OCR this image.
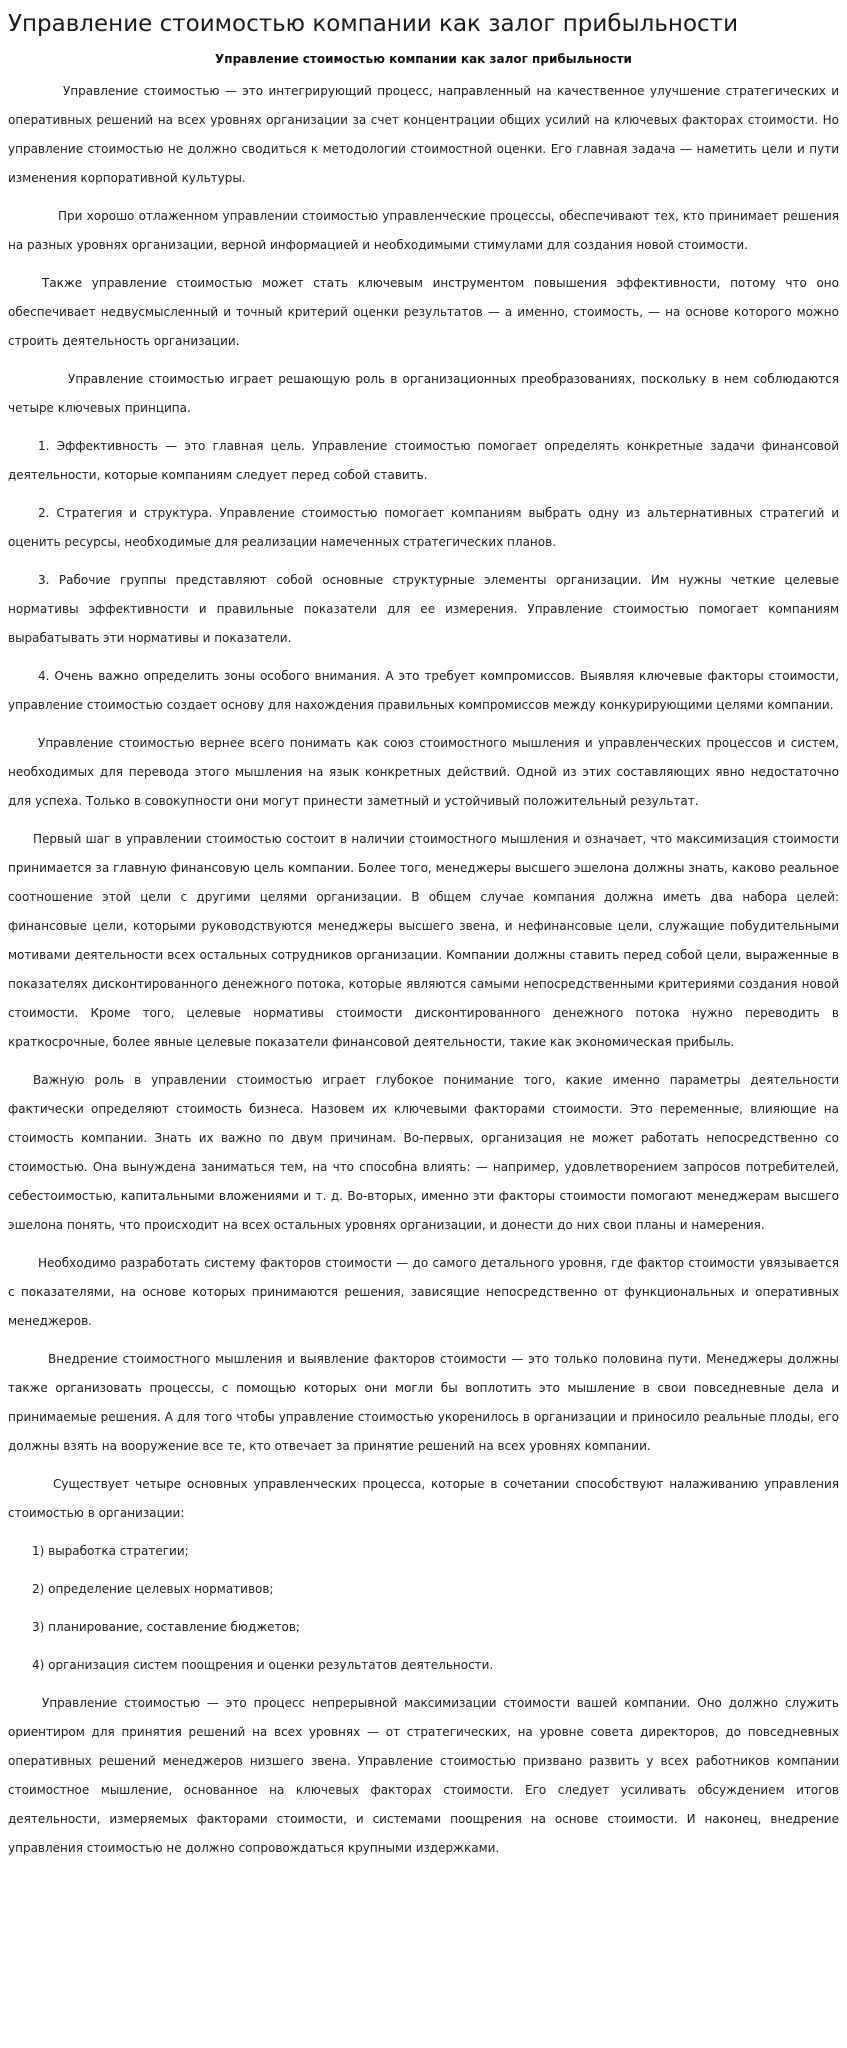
Управление стоимостью компании как залог прибыльности
Управление стоимостью компании как залог прибыльности

Управление стоимостью — это интегрирующий процесс, направленный на качественное улучшение стратегических и оперативных решений на всех уровнях организации за счет концентрации общих усилий на ключевых факторах стоимости. Но управление стоимостью не должно сводиться к методологии стоимостной оценки. Его главная задача — наметить цели и пути изменения корпоративной культуры.

При хорошо отлаженном управлении стоимостью управленческие процессы, обеспечивают тех, кто принимает решения на разных уровнях организации, верной информацией и необходимыми стимулами для создания новой стоимости.

Также управление стоимостью может стать ключевым инструментом повышения эффективности, потому что оно обеспечивает недвусмысленный и точный критерий оценки результатов — а именно, стоимость, — на основе которого можно строить деятельность организации.

Управление стоимостью играет решающую роль в организационных преобразованиях, поскольку в нем соблюдаются четыре ключевых принципа.

1. Эффективность — это главная цель. Управление стоимостью помогает определять конкретные задачи финансовой деятельности, которые компаниям следует перед собой ставить.

2. Стратегия и структура. Управление стоимостью помогает компаниям выбрать одну из альтернативных стратегий и оценить ресурсы, необходимые для реализации намеченных стратегических планов.

3. Рабочие группы представляют собой основные структурные элементы организации. Им нужны четкие целевые нормативы эффективности и правильные показатели для ее измерения. Управление стоимостью помогает компаниям вырабатывать эти нормативы и показатели.

4. Очень важно определить зоны особого внимания. А это требует компромиссов. Выявляя ключевые факторы стоимости, управление стоимостью создает основу для нахождения правильных компромиссов между конкурирующими целями компании.

Управление стоимостью вернее всего понимать как союз стоимостного мышления и управленческих процессов и систем, необходимых для перевода этого мышления на язык конкретных действий. Одной из этих составляющих явно недостаточно для успеха. Только в совокупности они могут принести заметный и устойчивый положительный результат.

Первый шаг в управлении стоимостью состоит в наличии стоимостного мышления и означает, что максимизация стоимости принимается за главную финансовую цель компании. Более того, менеджеры высшего эшелона должны знать, каково реальное соотношение этой цели с другими целями организации. В общем случае компания должна иметь два набора целей: финансовые цели, которыми руководствуются менеджеры высшего звена, и нефинансовые цели, служащие побудительными мотивами деятельности всех остальных сотрудников организации. Компании должны ставить перед собой цели, выраженные в показателях дисконтированного денежного потока, которые являются самыми непосредственными критериями создания новой стоимости. Кроме того, целевые нормативы стоимости дисконтированного денежного потока нужно переводить в краткосрочные, более явные целевые показатели финансовой деятельности, такие как экономическая прибыль.

Важную роль в управлении стоимостью играет глубокое понимание того, какие именно параметры деятельности фактически определяют стоимость бизнеса. Назовем их ключевыми факторами стоимости. Это переменные, влияющие на стоимость компании. Знать их важно по двум причинам. Во-первых, организация не может работать непосредственно со стоимостью. Она вынуждена заниматься тем, на что способна влиять: — например, удовлетворением запросов потребителей, себестоимостью, капитальными вложениями и т. д. Во-вторых, именно эти факторы стоимости помогают менеджерам высшего эшелона понять, что происходит на всех остальных уровнях организации, и донести до них свои планы и намерения.

Необходимо разработать систему факторов стоимости — до самого детального уровня, где фактор стоимости увязывается с показателями, на основе которых принимаются решения, зависящие непосредственно от функциональных и оперативных менеджеров.

Внедрение стоимостного мышления и выявление факторов стоимости — это только половина пути. Менеджеры должны также организовать процессы, с помощью которых они могли бы воплотить это мышление в свои повседневные дела и принимаемые решения. А для того чтобы управление стоимостью укоренилось в организации и приносило реальные плоды, его должны взять на вооружение все те, кто отвечает за принятие решений на всех уровнях компании.

Существует четыре основных управленческих процесса, которые в сочетании способствуют налаживанию управления стоимостью в организации:

1) выработка стратегии;
2) определение целевых нормативов;
3) планирование, составление бюджетов;
4) организация систем поощрения и оценки результатов деятельности.

Управление стоимостью — это процесс непрерывной максимизации стоимости вашей компании. Оно должно служить ориентиром для принятия решений на всех уровнях — от стратегических, на уровне совета директоров, до повседневных оперативных решений менеджеров низшего звена. Управление стоимостью призвано развить у всех работников компании стоимостное мышление, основанное на ключевых факторах стоимости. Его следует усиливать обсуждением итогов деятельности, измеряемых факторами стоимости, и системами поощрения на основе стоимости. И наконец, внедрение управления стоимостью не должно сопровождаться крупными издержками.
